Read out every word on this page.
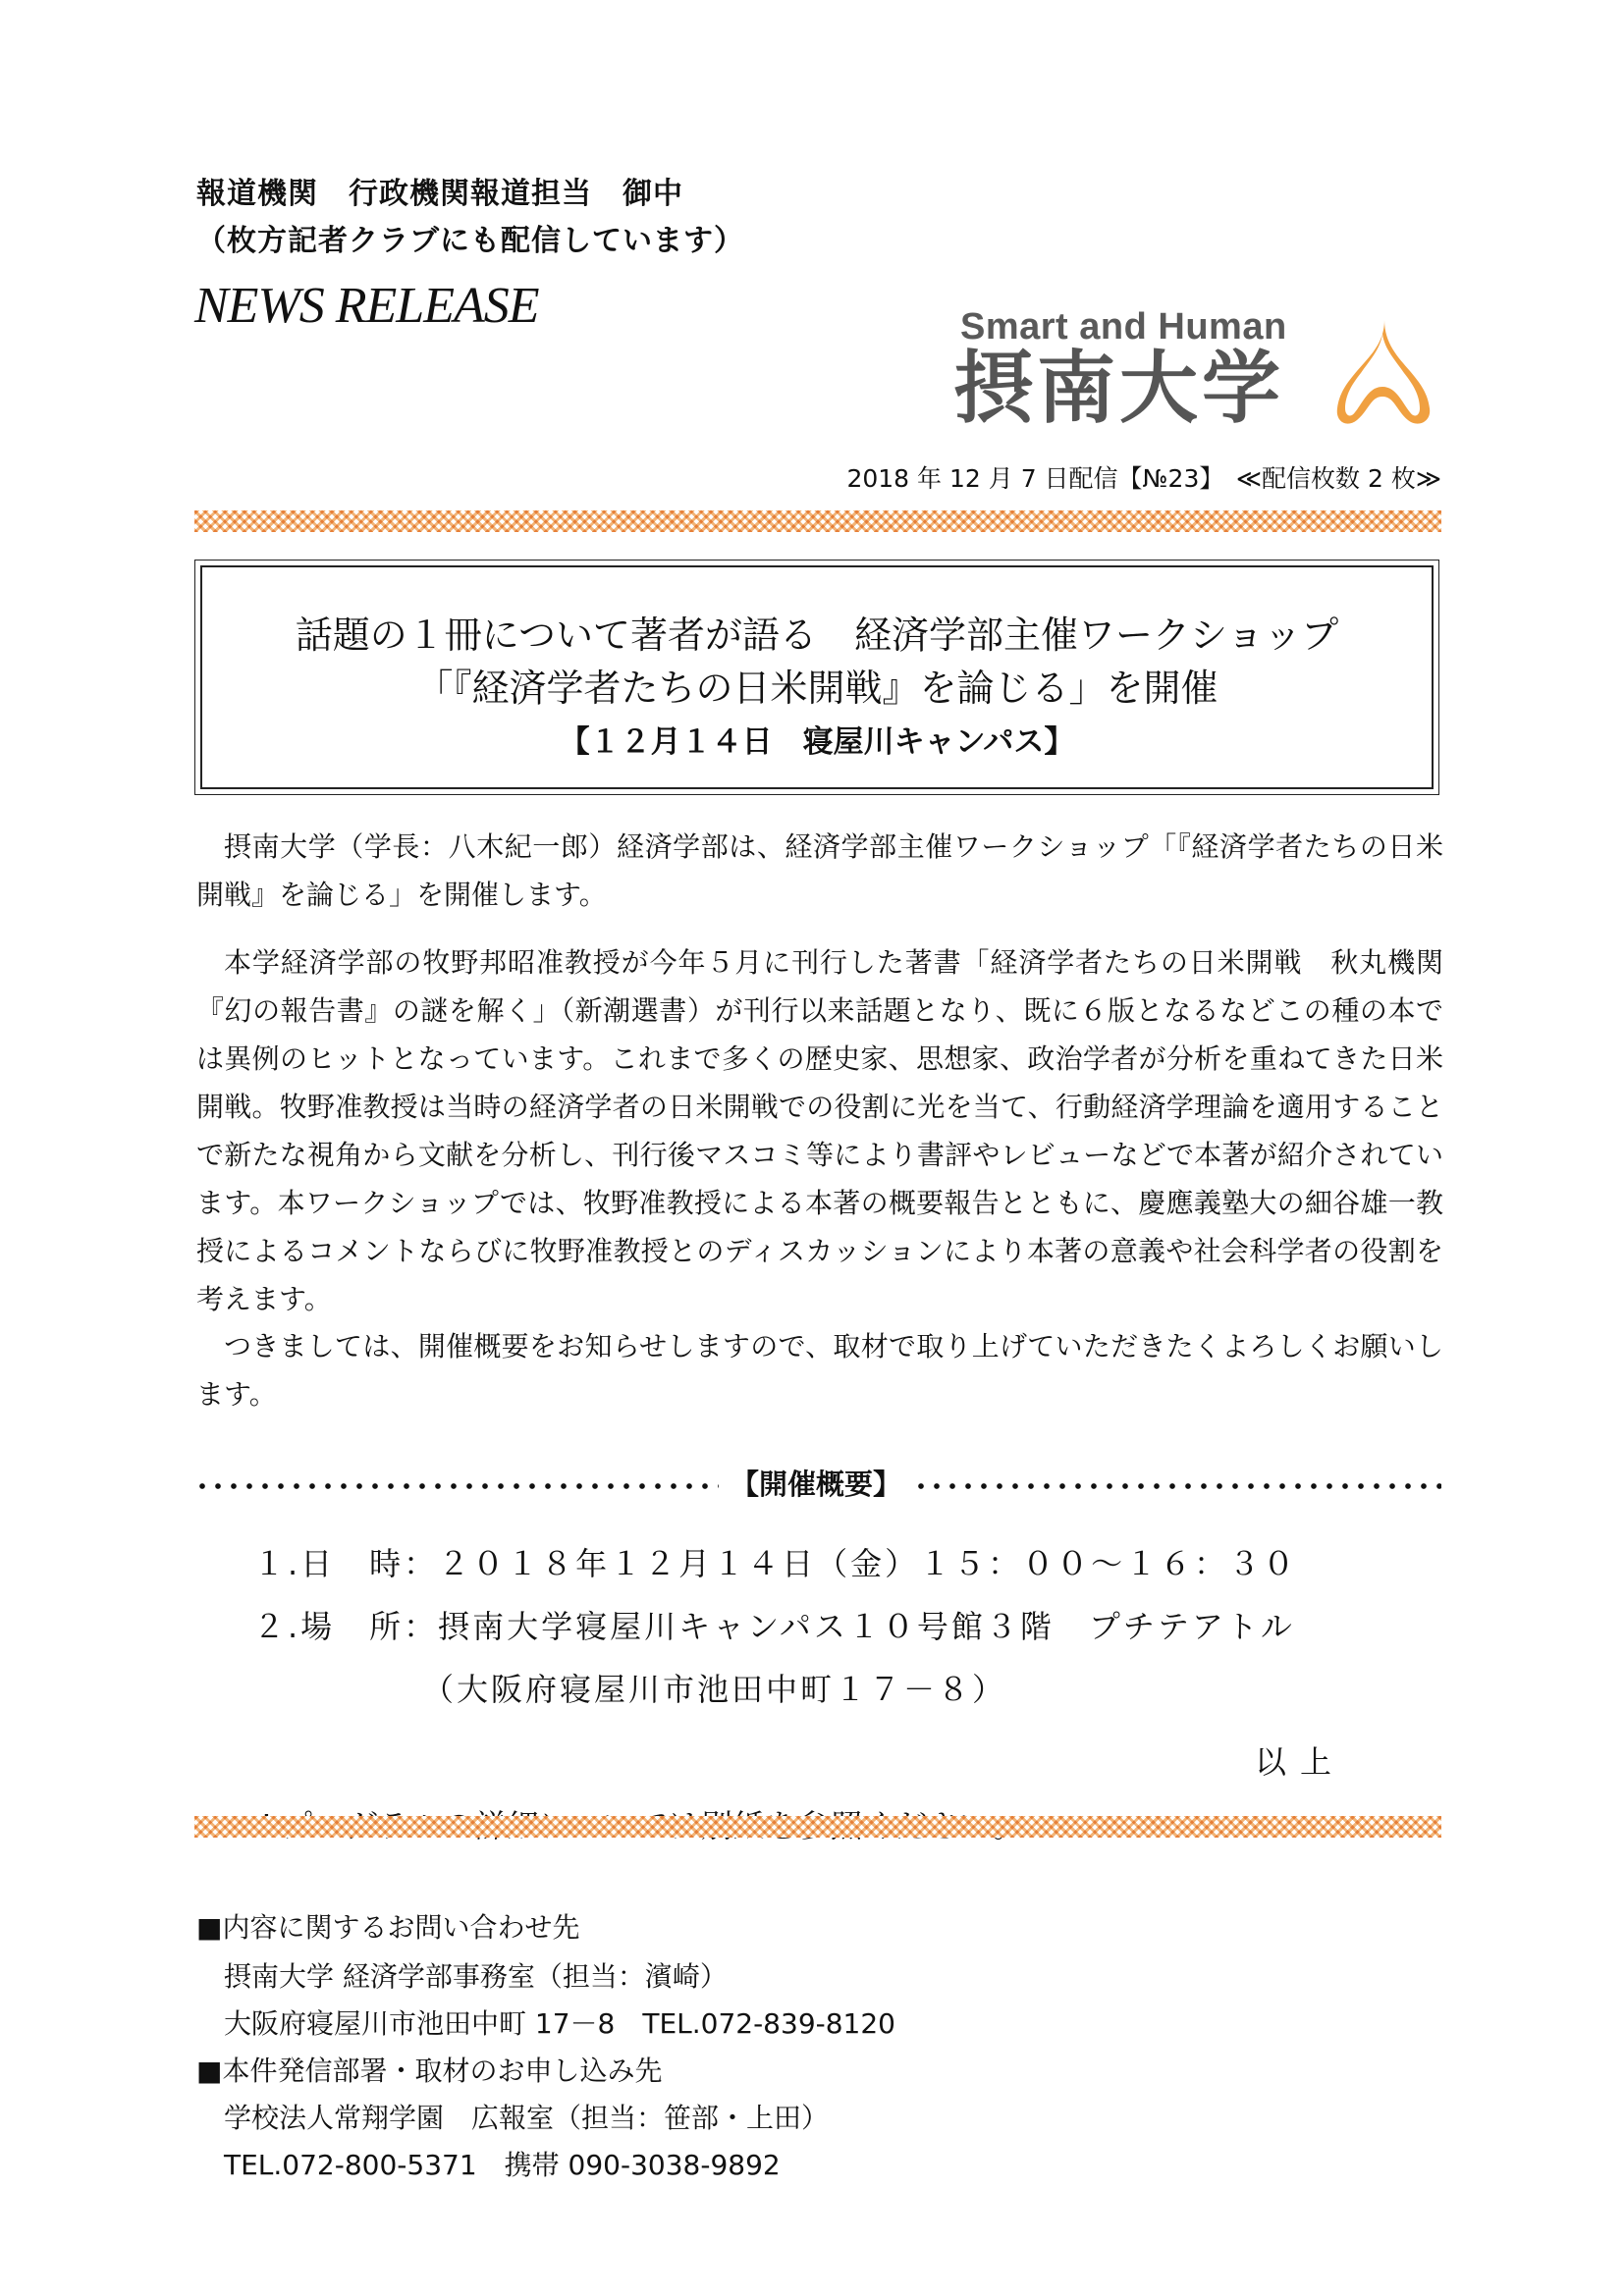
報道機関　行政機関報道担当　御中
（枚方記者クラブにも配信しています）
NEWS RELEASE	Smart and Human
摂南大学
2018 年 12 月 7 日配信【№23】　≪配信枚数 2 枚≫
話題の１冊について著者が語る　経済学部主催ワークショップ
「『経済学者たちの日米開戦』を論じる」を開催
【１２月１４日　寝屋川キャンパス】

摂南大学（学長：八木紀一郎）経済学部は、経済学部主催ワークショップ「『経済学者たちの日米開戦』を論じる」を開催します。

本学経済学部の牧野邦昭准教授が今年５月に刊行した著書「経済学者たちの日米開戦　秋丸機関『幻の報告書』の謎を解く」（新潮選書）が刊行以来話題となり、既に６版となるなどこの種の本では異例のヒットとなっています。これまで多くの歴史家、思想家、政治学者が分析を重ねてきた日米開戦。牧野准教授は当時の経済学者の日米開戦での役割に光を当て、行動経済学理論を適用することで新たな視角から文献を分析し、刊行後マスコミ等により書評やレビューなどで本著が紹介されています。本ワークショップでは、牧野准教授による本著の概要報告とともに、慶應義塾大の細谷雄一教授によるコメントならびに牧野准教授とのディスカッションにより本著の意義や社会科学者の役割を考えます。

つきましては、開催概要をお知らせしますので、取材で取り上げていただきたくよろしくお願いします。

【開催概要】
１.日　時：２０１８年１２月１４日（金）１５：００～１６：３０
２.場　所：摂南大学寝屋川キャンパス１０号館３階　プチテアトル
（大阪府寝屋川市池田中町１７－８）
以上
■内容に関するお問い合わせ先
摂南大学 経済学部事務室（担当：濱崎）
大阪府寝屋川市池田中町 17－8　TEL.072-839-8120
■本件発信部署・取材のお申し込み先
学校法人常翔学園　広報室（担当：笹部・上田）
TEL.072-800-5371　携帯 090-3038-9892
